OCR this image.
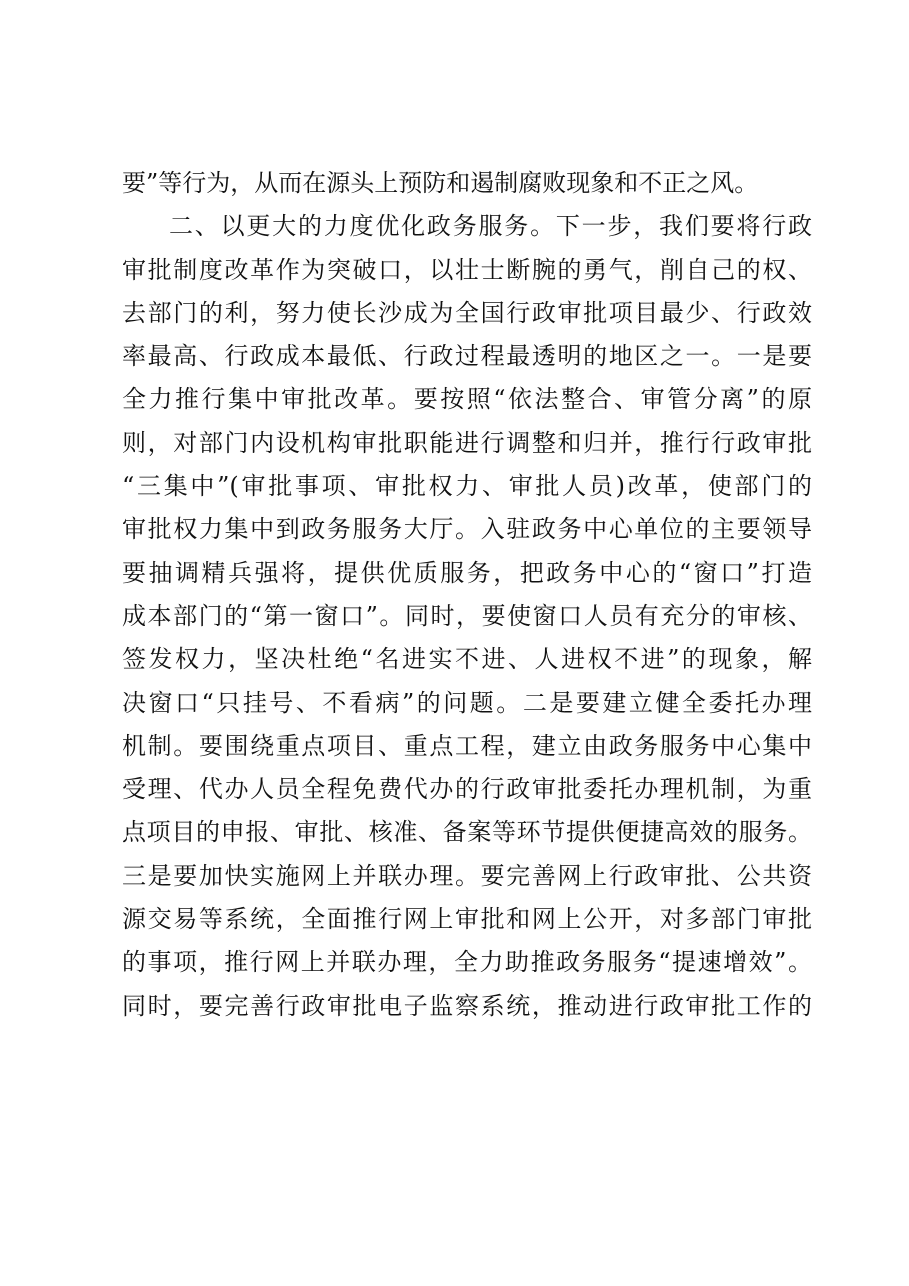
要”等行为，从而在源头上预防和遏制腐败现象和不正之风。
二、以更大的力度优化政务服务。下一步，我们要将行政
审批制度改革作为突破口，以壮士断腕的勇气，削自己的权、
去部门的利，努力使长沙成为全国行政审批项目最少、行政效
率最高、行政成本最低、行政过程最透明的地区之一。一是要
全力推行集中审批改革。要按照“依法整合、审管分离”的原
则，对部门内设机构审批职能进行调整和归并，推行行政审批
“三集中”(审批事项、审批权力、审批人员)改革，使部门的
审批权力集中到政务服务大厅。入驻政务中心单位的主要领导
要抽调精兵强将，提供优质服务，把政务中心的“窗口”打造
成本部门的“第一窗口”。同时，要使窗口人员有充分的审核、
签发权力，坚决杜绝“名进实不进、人进权不进”的现象，解
决窗口“只挂号、不看病”的问题。二是要建立健全委托办理
机制。要围绕重点项目、重点工程，建立由政务服务中心集中
受理、代办人员全程免费代办的行政审批委托办理机制，为重
点项目的申报、审批、核准、备案等环节提供便捷高效的服务。
三是要加快实施网上并联办理。要完善网上行政审批、公共资
源交易等系统，全面推行网上审批和网上公开，对多部门审批
的事项，推行网上并联办理，全力助推政务服务“提速增效”。
同时，要完善行政审批电子监察系统，推动进行政审批工作的
